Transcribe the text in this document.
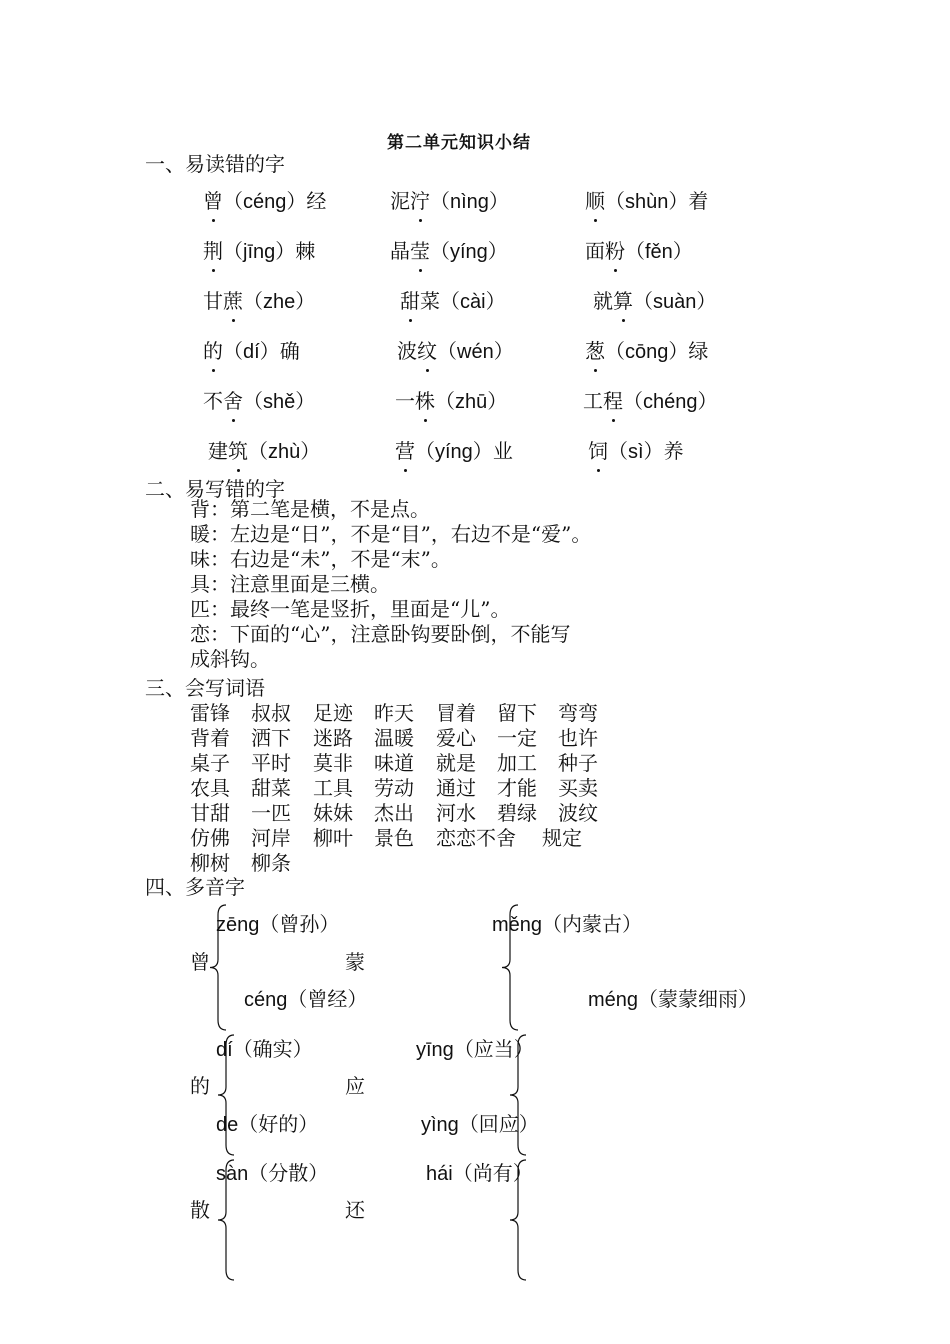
第二单元知识小结
一、易读错的字
曾（céng）经	泥泞（nìng）	顺（shùn）着
荆（jīng）棘	晶莹（yíng）	面粉（fěn）
甘蔗（zhe）	甜菜（cài）	就算（suàn）
的（dí）确	波纹（wén）	葱（cōng）绿
不舍（shě）	一株（zhū）	工程（chéng）
建筑（zhù）	营（yíng）业	饲（sì）养
二、易写错的字
背：第二笔是横，不是点。
暖：左边是“日”，不是“目”，右边不是“爱”。
味：右边是“未”，不是“末”。
具：注意里面是三横。
匹：最终一笔是竖折，里面是“儿”。
恋：下面的“心”，注意卧钩要卧倒，不能写
成斜钩。
三、会写词语
雷锋 叔叔 足迹 昨天 冒着 留下 弯弯
背着 洒下 迷路 温暖 爱心 一定 也许
桌子 平时 莫非 味道 就是 加工 种子
农具 甜菜 工具 劳动 通过 才能 买卖
甘甜 一匹 妹妹 杰出 河水 碧绿 波纹
仿佛 河岸 柳叶 景色 恋恋不舍 规定
柳树 柳条
四、多音字
曾
zēng（曾孙）
céng（曾经）
蒙
měng（内蒙古）
méng（蒙蒙细雨）
的
dí（确实）
de（好的）
应
yīng（应当）
yìng（回应）
散
sàn（分散）
还
hái（尚有）
